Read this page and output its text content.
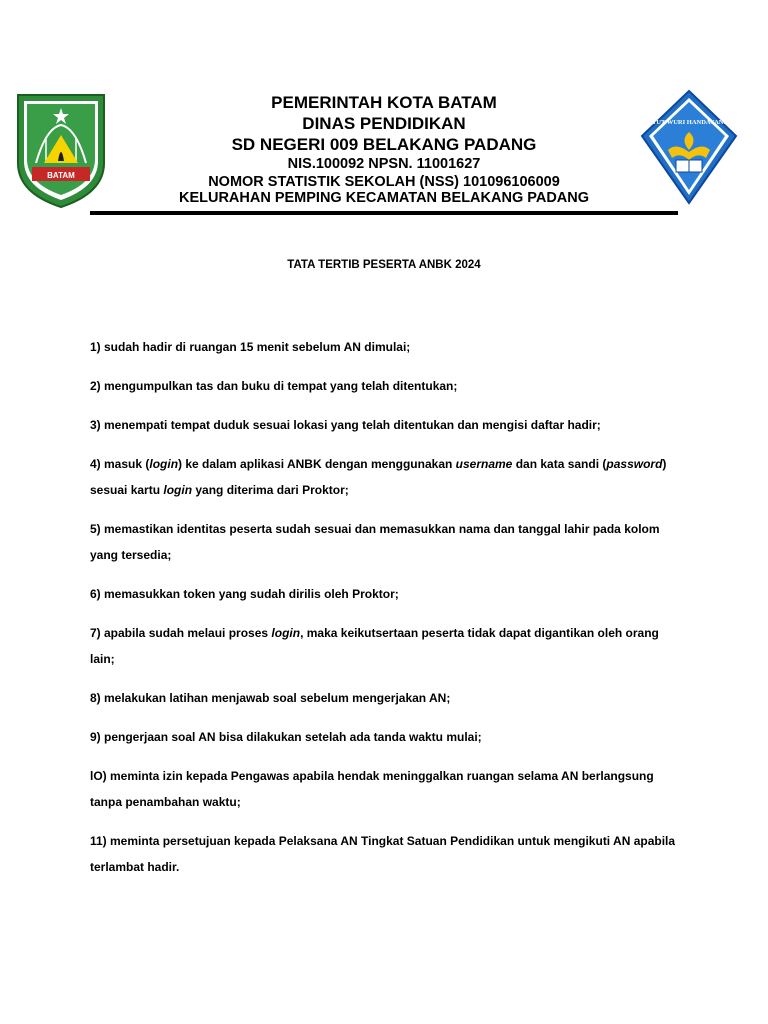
BATAM
PEMERINTAH KOTA BATAM
DINAS PENDIDIKAN
SD NEGERI 009 BELAKANG PADANG
NIS.100092 NPSN. 11001627
NOMOR STATISTIK SEKOLAH (NSS) 101096106009
KELURAHAN PEMPING KECAMATAN BELAKANG PADANG
TUT WURI HANDAYANI
TATA TERTIB PESERTA ANBK 2024
1) sudah hadir di ruangan 15 menit sebelum AN dimulai;
2) mengumpulkan tas dan buku di tempat yang telah ditentukan;
3) menempati tempat duduk sesuai lokasi yang telah ditentukan dan mengisi daftar hadir;
4) masuk (login) ke dalam aplikasi ANBK dengan menggunakan username dan kata sandi (password) sesuai kartu login yang diterima dari Proktor;
5) memastikan identitas peserta sudah sesuai dan memasukkan nama dan tanggal lahir pada kolom yang tersedia;
6) memasukkan token yang sudah dirilis oleh Proktor;
7) apabila sudah melaui proses login, maka keikutsertaan peserta tidak dapat digantikan oleh orang lain;
8) melakukan latihan menjawab soal sebelum mengerjakan AN;
9) pengerjaan soal AN bisa dilakukan setelah ada tanda waktu mulai;
lO) meminta izin kepada Pengawas apabila hendak meninggalkan ruangan selama AN berlangsung tanpa penambahan waktu;
11) meminta persetujuan kepada Pelaksana AN Tingkat Satuan Pendidikan untuk mengikuti AN apabila terlambat hadir.
